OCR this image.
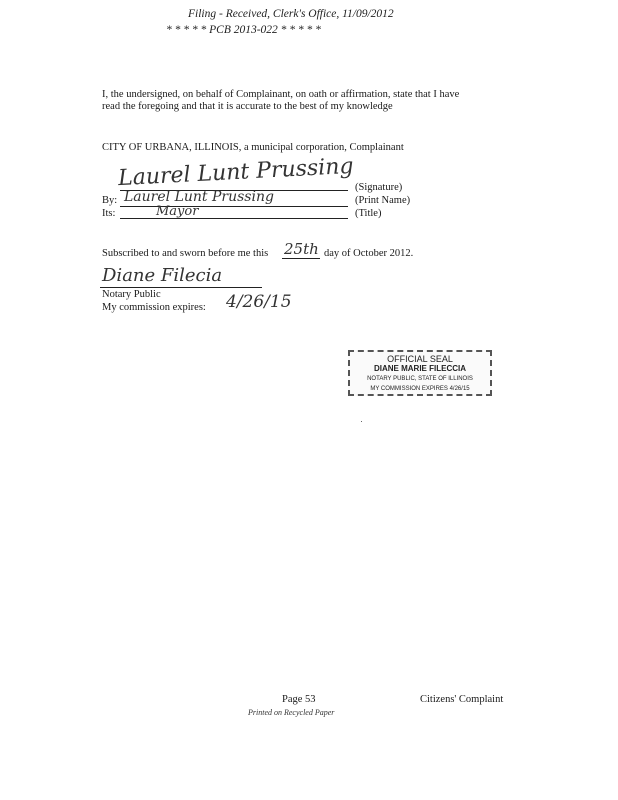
Filing - Received, Clerk's Office, 11/09/2012
* * * * * PCB 2013-022 * * * * *
I, the undersigned, on behalf of Complainant, on oath or affirmation, state that I have
read the foregoing and that it is accurate to the best of my knowledge
CITY OF URBANA, ILLINOIS, a municipal corporation, Complainant
Laurel Lunt Prussing (Signature)
By: Laurel Lunt Prussing	(Print Name)
Its:	Mayor	(Title)
Subscribed to and sworn before me this 25th day of October 2012.
Diane Filecia
Notary Public
My commission expires: 4/26/15
OFFICIAL SEAL
DIANE MARIE FILECCIA
NOTARY PUBLIC, STATE OF ILLINOIS
MY COMMISSION EXPIRES 4/26/15
Page 53	Citizens' Complaint
Printed on Recycled Paper
